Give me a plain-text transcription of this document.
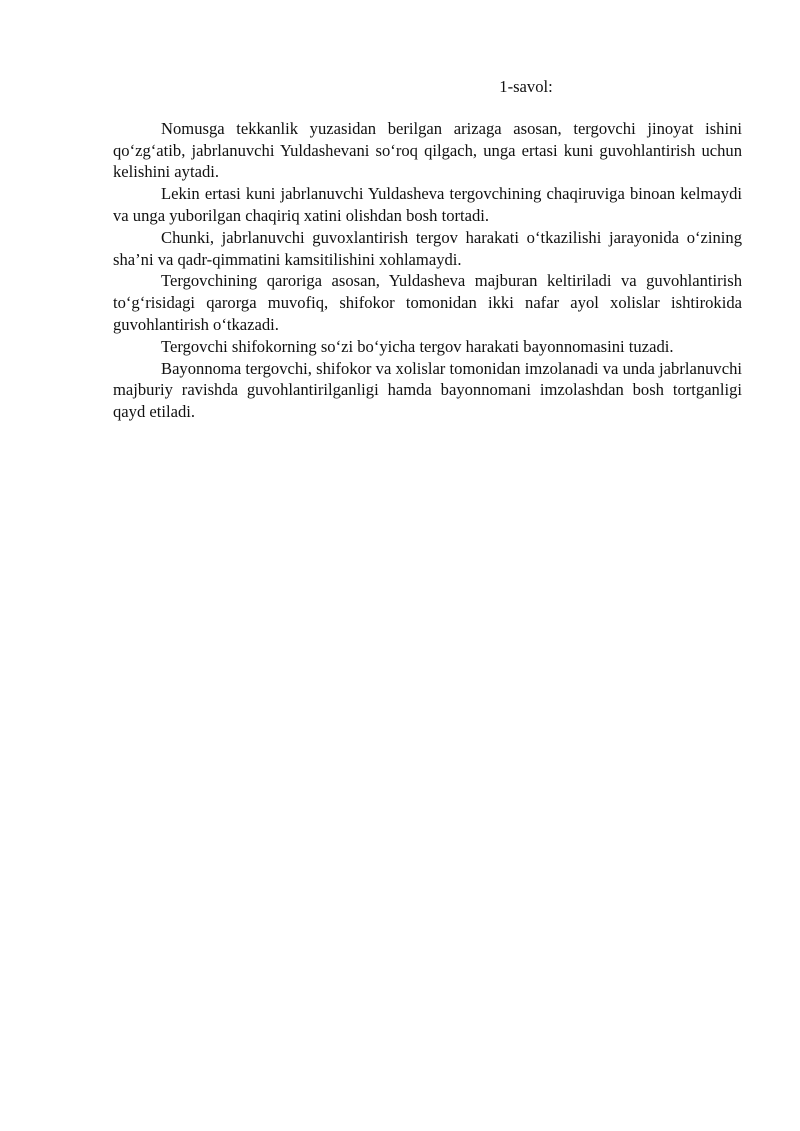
1-savol:

Nomusga tekkanlik yuzasidan berilgan arizaga asosan, tergovchi jinoyat ishini qo‘zg‘atib, jabrlanuvchi Yuldashevani so‘roq qilgach, unga ertasi kuni guvohlantirish uchun kelishini aytadi.

Lekin ertasi kuni jabrlanuvchi Yuldasheva tergovchining chaqiruviga binoan kelmaydi va unga yuborilgan chaqiriq xatini olishdan bosh tortadi.

Chunki, jabrlanuvchi guvoxlantirish tergov harakati o‘tkazilishi jarayonida o‘zining sha’ni va qadr-qimmatini kamsitilishini xohlamaydi.

Tergovchining qaroriga asosan, Yuldasheva majburan keltiriladi va guvohlantirish to‘g‘risidagi qarorga muvofiq, shifokor tomonidan ikki nafar ayol xolislar ishtirokida guvohlantirish o‘tkazadi.

Tergovchi shifokorning so‘zi bo‘yicha tergov harakati bayonnomasini tuzadi.

Bayonnoma tergovchi, shifokor va xolislar tomonidan imzolanadi va unda jabrlanuvchi majburiy ravishda guvohlantirilganligi hamda bayonnomani imzolashdan bosh tortganligi qayd etiladi.
